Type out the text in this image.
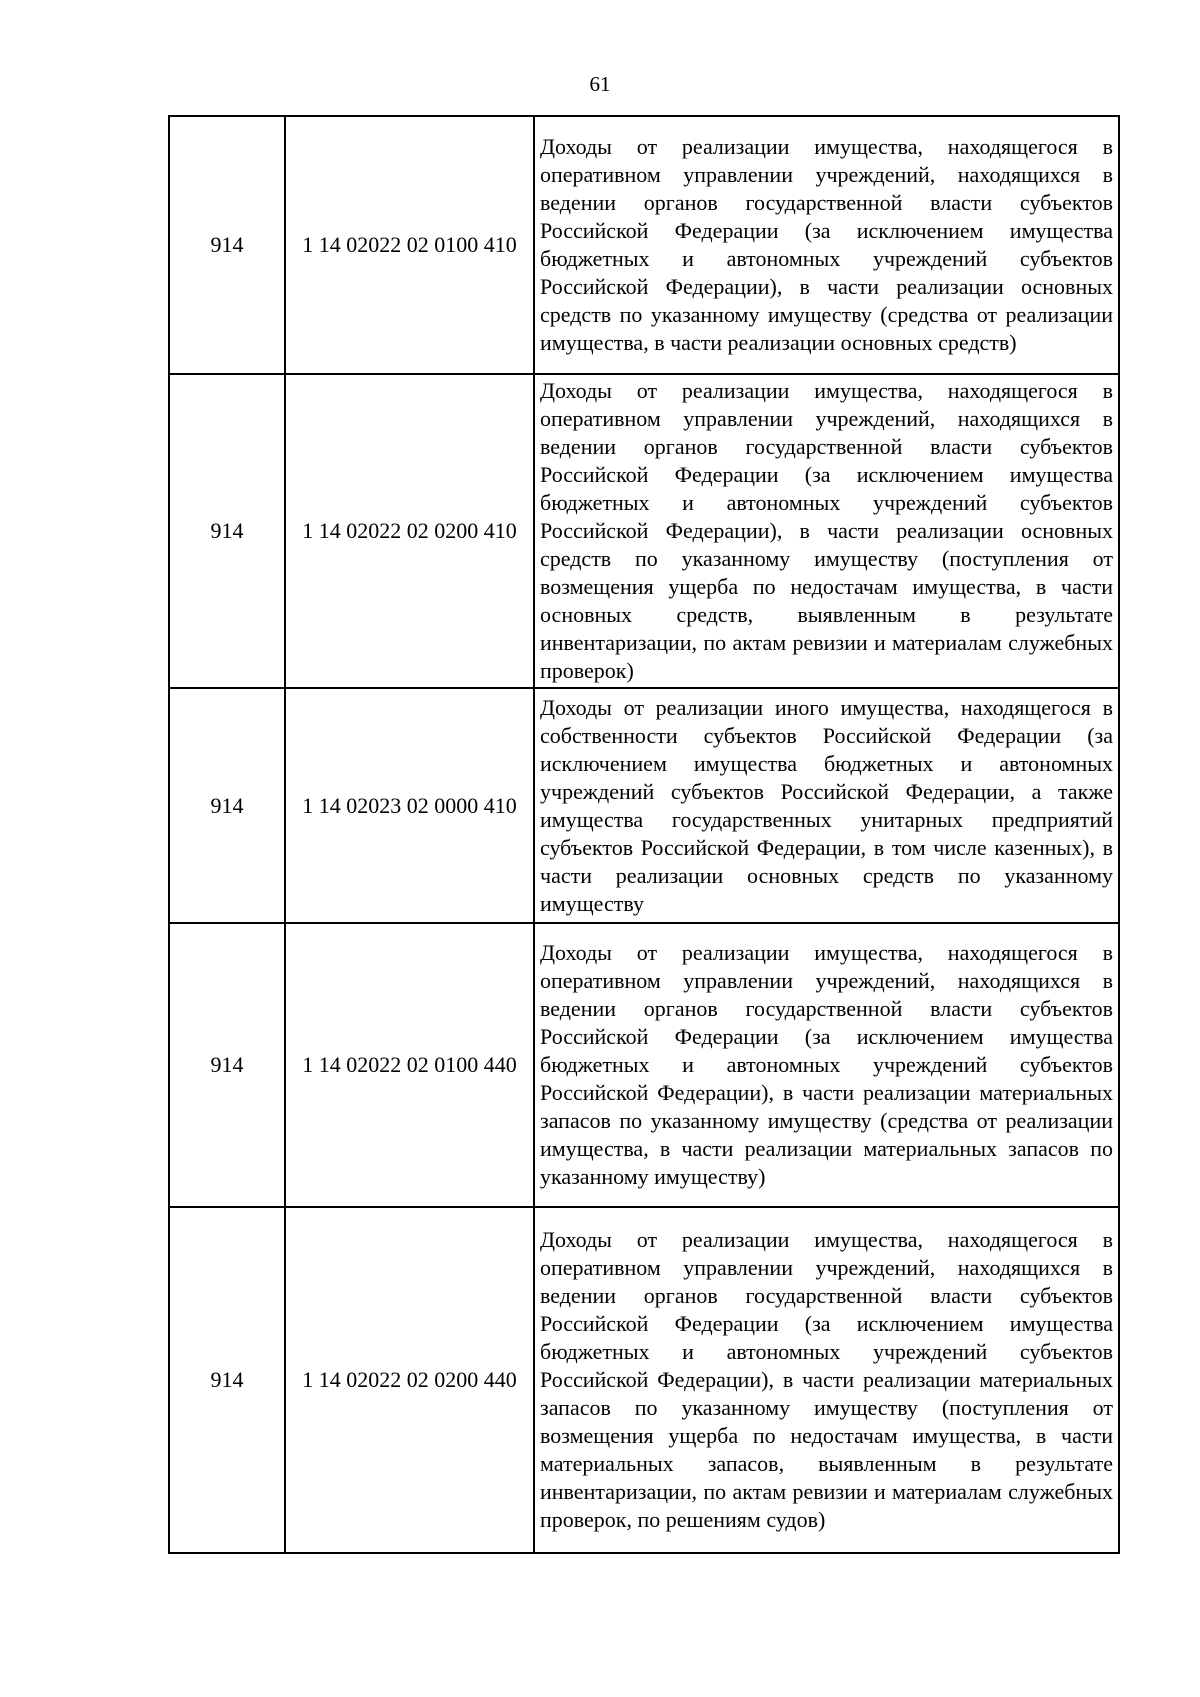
61
914	1 14 02022 02 0100 410	Доходы от реализации имущества, находящегося в оперативном управлении учреждений, находящихся в ведении органов государственной власти субъектов Российской Федерации (за исключением имущества бюджетных и автономных учреждений субъектов Российской Федерации), в части реализации основных средств по указанному имуществу (средства от реализации имущества, в части реализации основных средств)
914	1 14 02022 02 0200 410	Доходы от реализации имущества, находящегося в оперативном управлении учреждений, находящихся в ведении органов государственной власти субъектов Российской Федерации (за исключением имущества бюджетных и автономных учреждений субъектов Российской Федерации), в части реализации основных средств по указанному имуществу (поступления от возмещения ущерба по недостачам имущества, в части основных средств, выявленным в результате инвентаризации, по актам ревизии и материалам служебных проверок)
914	1 14 02023 02 0000 410	Доходы от реализации иного имущества, находящегося в собственности субъектов Российской Федерации (за исключением имущества бюджетных и автономных учреждений субъектов Российской Федерации, а также имущества государственных унитарных предприятий субъектов Российской Федерации, в том числе казенных), в части реализации основных средств по указанному имуществу
914	1 14 02022 02 0100 440	Доходы от реализации имущества, находящегося в оперативном управлении учреждений, находящихся в ведении органов государственной власти субъектов Российской Федерации (за исключением имущества бюджетных и автономных учреждений субъектов Российской Федерации), в части реализации материальных запасов по указанному имуществу (средства от реализации имущества, в части реализации материальных запасов по указанному имуществу)
914	1 14 02022 02 0200 440	Доходы от реализации имущества, находящегося в оперативном управлении учреждений, находящихся в ведении органов государственной власти субъектов Российской Федерации (за исключением имущества бюджетных и автономных учреждений субъектов Российской Федерации), в части реализации материальных запасов по указанному имуществу (поступления от возмещения ущерба по недостачам имущества, в части материальных запасов, выявленным в результате инвентаризации, по актам ревизии и материалам служебных проверок, по решениям судов)
